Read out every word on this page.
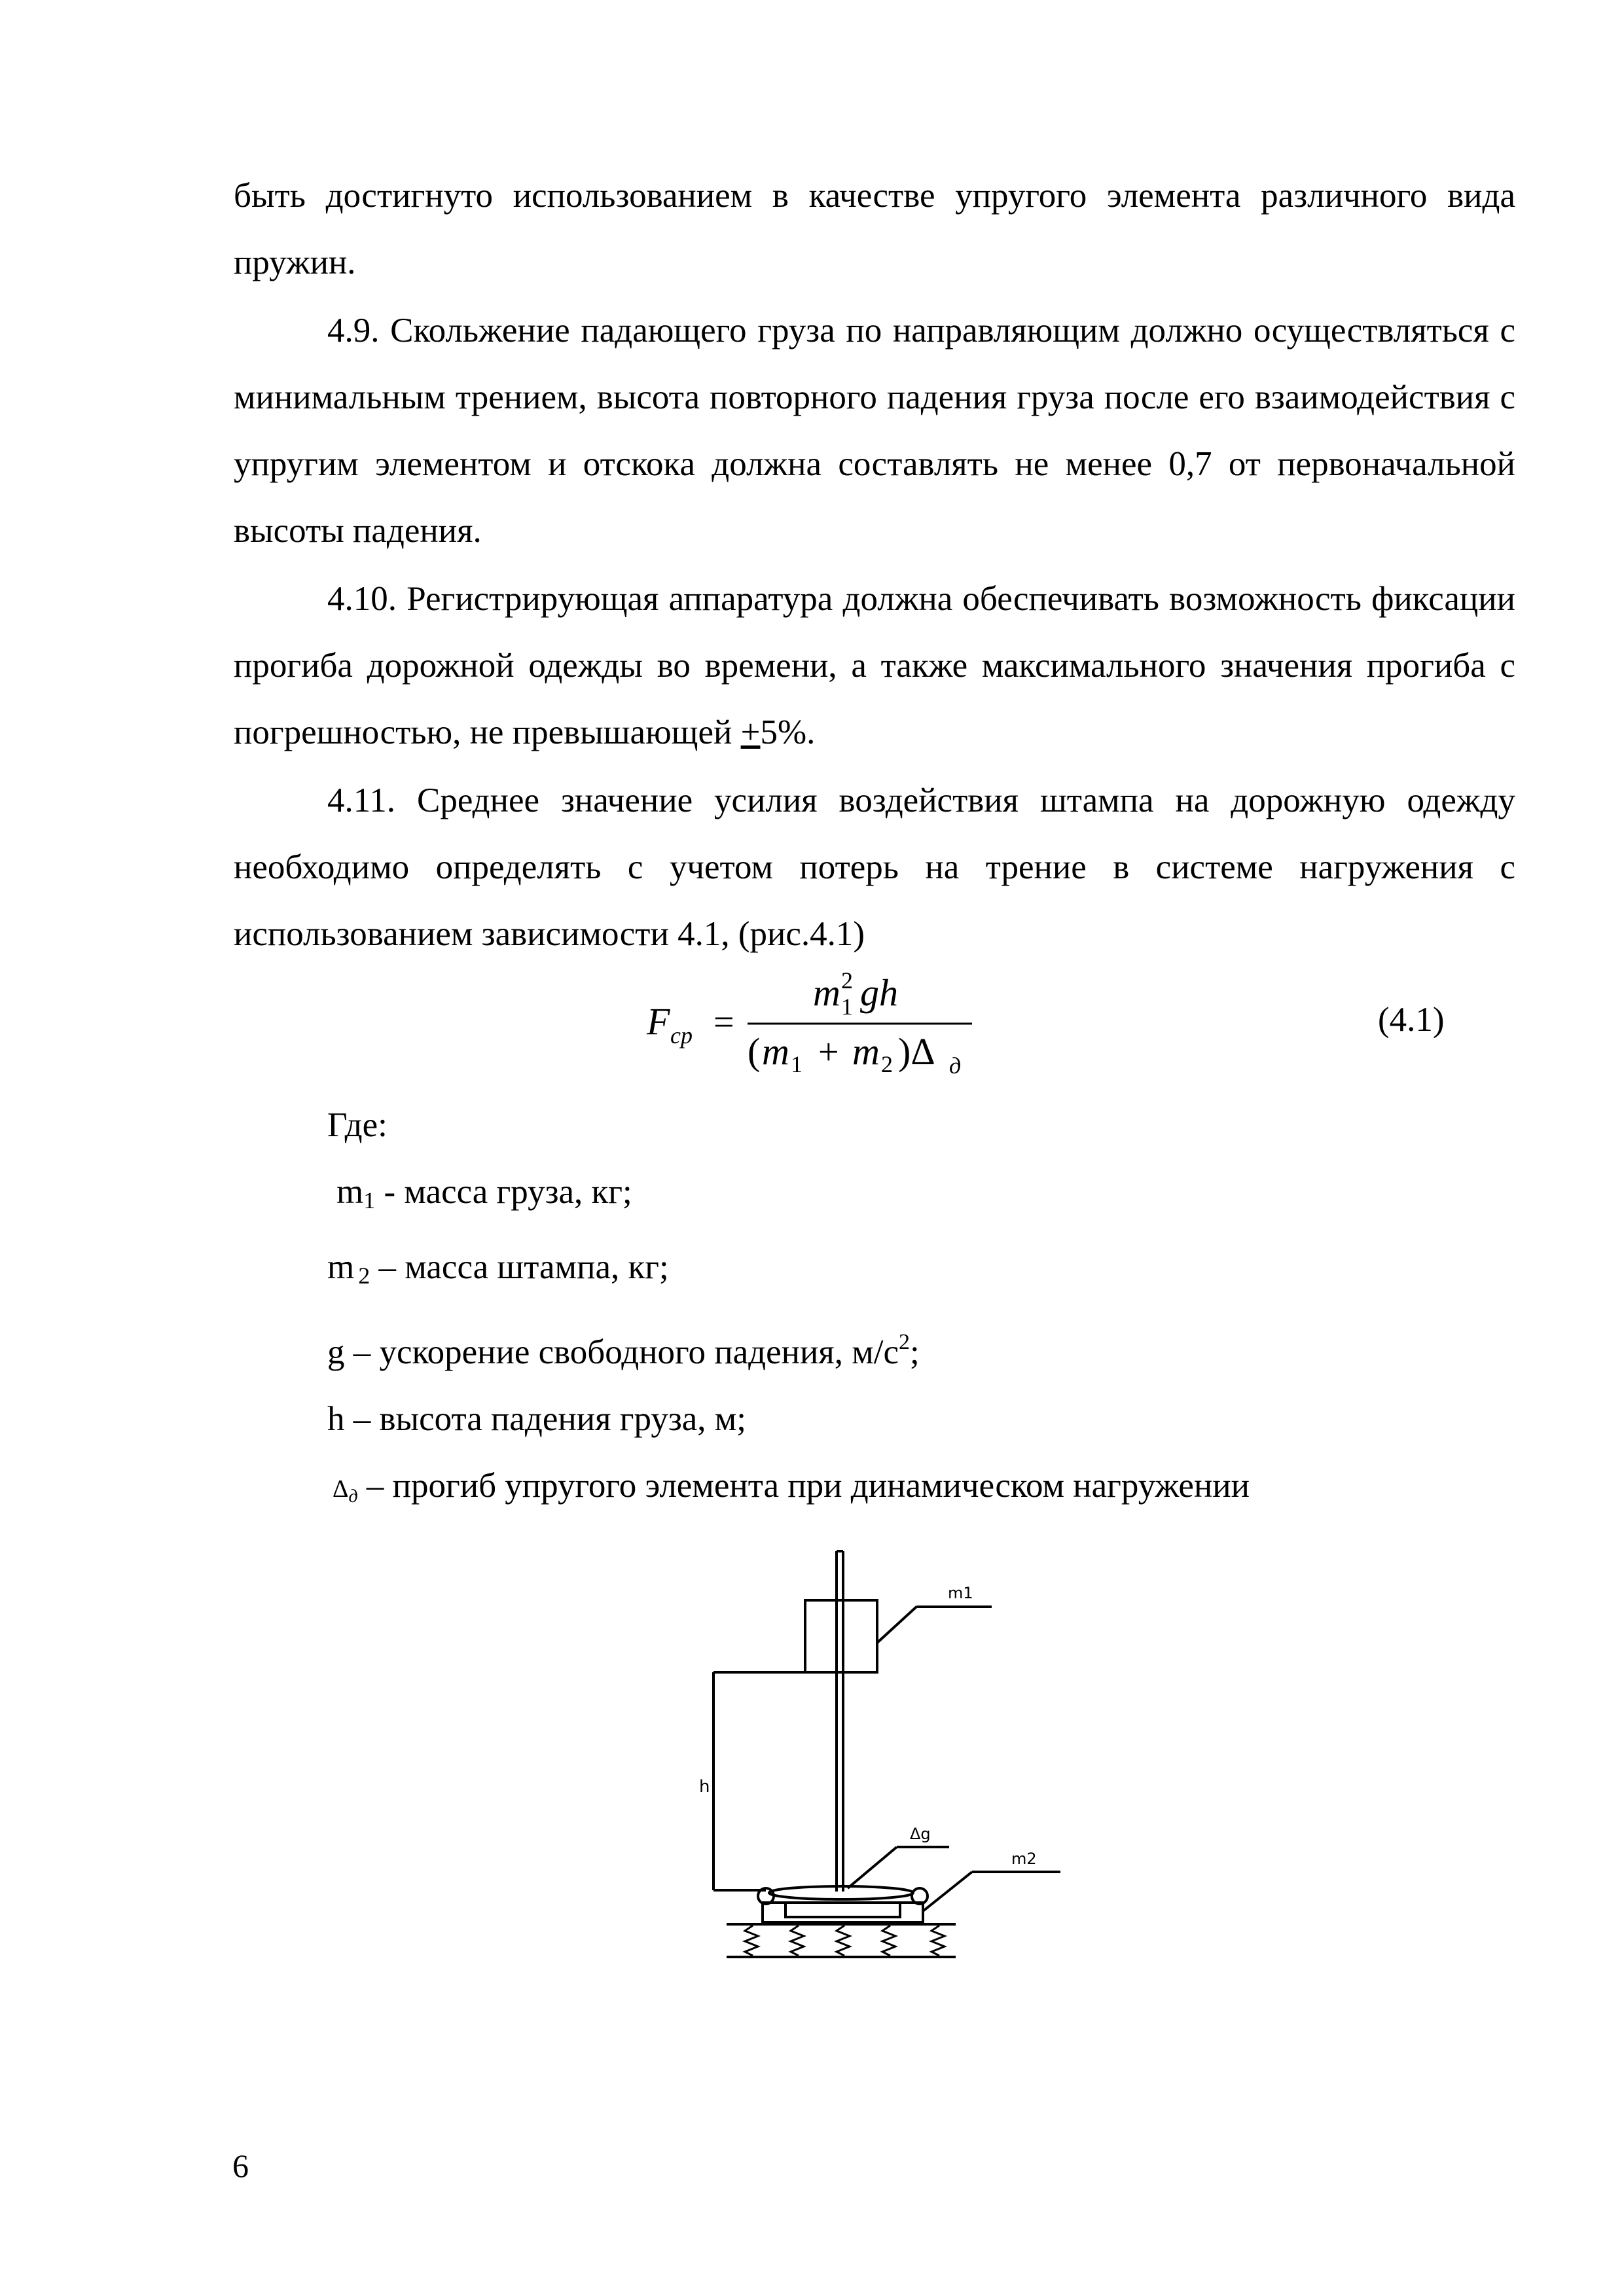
быть достигнуто использованием в качестве упругого элемента различного вида пружин.

4.9. Скольжение падающего груза по направляющим должно осуществляться с минимальным трением, высота повторного падения груза после его взаимодействия с упругим элементом и отскока должна составлять не менее 0,7 от первоначальной высоты падения.

4.10. Регистрирующая аппаратура должна обеспечивать возможность фиксации прогиба дорожной одежды во времени, а также максимального значения прогиба с погрешностью, не превышающей +5%.

4.11. Среднее значение усилия воздействия штампа на дорожную одежду необходимо определять с учетом потерь на трение в системе нагружения с использованием зависимости 4.1, (рис.4.1)

F ср =
m 2
1 gh
( m 1 + m 2 )Δ д
(4.1)
Где:
$m_1$ - масса груза, кг;
m $_2$ – масса штампа, кг;
g – ускорение свободного падения, $м/с^2$;
h – высота падения груза, м;
$\Delta_д$ – прогиб упругого элемента при динамическом нагружении
m1
h
Δg
m2
6
